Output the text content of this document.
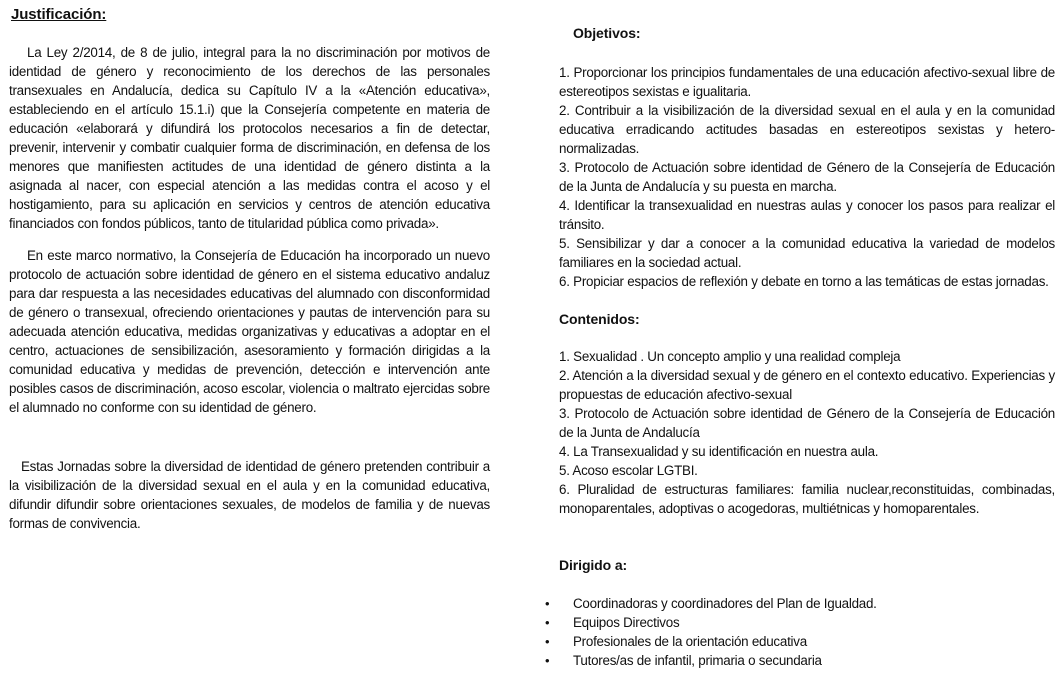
Justificación:

La Ley 2/2014, de 8 de julio, integral para la no discriminación por motivos de identidad de género y reconocimiento de los derechos de las personales transexuales en Andalucía, dedica su Capítulo IV a la «Atención educativa», estableciendo en el artículo 15.1.i) que la Consejería competente en materia de educación «elaborará y difundirá los protocolos necesarios a fin de detectar, prevenir, intervenir y combatir cualquier forma de discriminación, en defensa de los menores que manifiesten actitudes de una identidad de género distinta a la asignada al nacer, con especial atención a las medidas contra el acoso y el hostigamiento, para su aplicación en servicios y centros de atención educativa financiados con fondos públicos, tanto de titularidad pública como privada».

En este marco normativo, la Consejería de Educación ha incorporado un nuevo protocolo de actuación sobre identidad de género en el sistema educativo andaluz para dar respuesta a las necesidades educativas del alumnado con disconformidad de género o transexual, ofreciendo orientaciones y pautas de intervención para su adecuada atención educativa, medidas organizativas y educativas a adoptar en el centro, actuaciones de sensibilización, asesoramiento y formación dirigidas a la comunidad educativa y medidas de prevención, detección e intervención ante posibles casos de discriminación, acoso escolar, violencia o maltrato ejercidas sobre el alumnado no conforme con su identidad de género.

Estas Jornadas sobre la diversidad de identidad de género pretenden contribuir a la visibilización de la diversidad sexual en el aula y en la comunidad educativa, difundir difundir sobre orientaciones sexuales, de modelos de familia y de nuevas formas de convivencia.

Objetivos:

1. Proporcionar los principios fundamentales de una educación afectivo-sexual libre de estereotipos sexistas e igualitaria.

2. Contribuir a la visibilización de la diversidad sexual en el aula y en la comunidad educativa erradicando actitudes basadas en estereotipos sexistas y hetero-normalizadas.

3. Protocolo de Actuación sobre identidad de Género de la Consejería de Educación de la Junta de Andalucía y su puesta en marcha.

4. Identificar la transexualidad en nuestras aulas y conocer los pasos para realizar el tránsito.

5. Sensibilizar y dar a conocer a la comunidad educativa la variedad de modelos familiares en la sociedad actual.

6. Propiciar espacios de reflexión y debate en torno a las temáticas de estas jornadas.

Contenidos:

1. Sexualidad . Un concepto amplio y una realidad compleja

2. Atención a la diversidad sexual y de género en el contexto educativo. Experiencias y propuestas de educación afectivo-sexual

3. Protocolo de Actuación sobre identidad de Género de la Consejería de Educación de la Junta de Andalucía

4. La Transexualidad y su identificación en nuestra aula.

5. Acoso escolar LGTBI.

6. Pluralidad de estructuras familiares: familia nuclear,reconstituidas, combinadas, monoparentales, adoptivas o acogedoras, multiétnicas y homoparentales.

Dirigido a:
• Coordinadoras y coordinadores del Plan de Igualdad.
• Equipos Directivos
• Profesionales de la orientación educativa
• Tutores/as de infantil, primaria o secundaria
